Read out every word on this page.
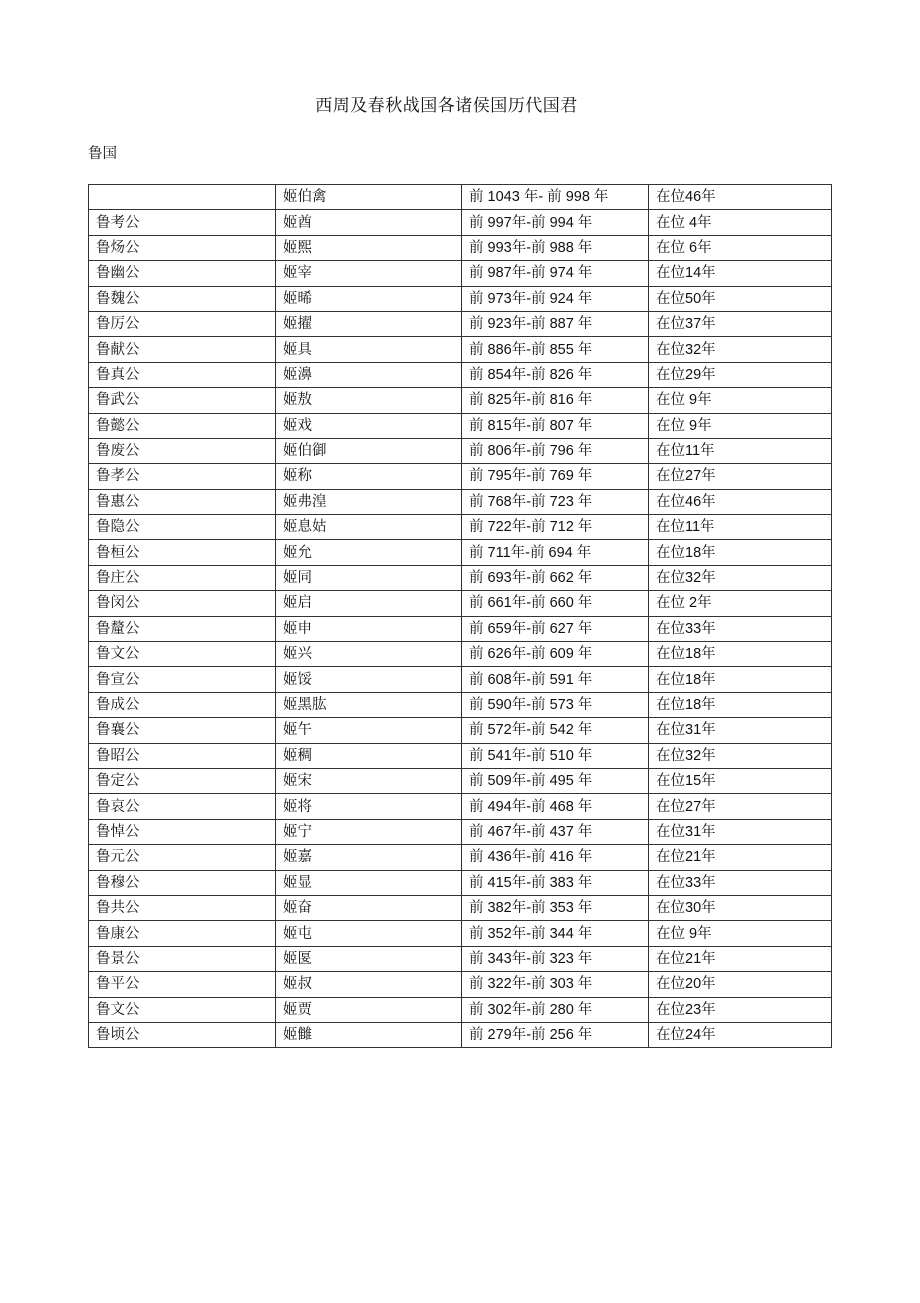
西周及春秋战国各诸侯国历代国君
鲁国
	姬伯禽	前 1043 年- 前 998 年	在位46年
鲁考公	姬酋	前 997年-前 994 年	在位 4年
鲁炀公	姬熙	前 993年-前 988 年	在位 6年
鲁幽公	姬宰	前 987年-前 974 年	在位14年
鲁魏公	姬晞	前 973年-前 924 年	在位50年
鲁厉公	姬擢	前 923年-前 887 年	在位37年
鲁献公	姬具	前 886年-前 855 年	在位32年
鲁真公	姬濞	前 854年-前 826 年	在位29年
鲁武公	姬敖	前 825年-前 816 年	在位 9年
鲁懿公	姬戏	前 815年-前 807 年	在位 9年
鲁废公	姬伯御	前 806年-前 796 年	在位11年
鲁孝公	姬称	前 795年-前 769 年	在位27年
鲁惠公	姬弗湟	前 768年-前 723 年	在位46年
鲁隐公	姬息姑	前 722年-前 712 年	在位11年
鲁桓公	姬允	前 711年-前 694 年	在位18年
鲁庄公	姬同	前 693年-前 662 年	在位32年
鲁闵公	姬启	前 661年-前 660 年	在位 2年
鲁釐公	姬申	前 659年-前 627 年	在位33年
鲁文公	姬兴	前 626年-前 609 年	在位18年
鲁宣公	姬馁	前 608年-前 591 年	在位18年
鲁成公	姬黑肱	前 590年-前 573 年	在位18年
鲁襄公	姬午	前 572年-前 542 年	在位31年
鲁昭公	姬稠	前 541年-前 510 年	在位32年
鲁定公	姬宋	前 509年-前 495 年	在位15年
鲁哀公	姬将	前 494年-前 468 年	在位27年
鲁悼公	姬宁	前 467年-前 437 年	在位31年
鲁元公	姬嘉	前 436年-前 416 年	在位21年
鲁穆公	姬显	前 415年-前 383 年	在位33年
鲁共公	姬奋	前 382年-前 353 年	在位30年
鲁康公	姬屯	前 352年-前 344 年	在位 9年
鲁景公	姬匽	前 343年-前 323 年	在位21年
鲁平公	姬叔	前 322年-前 303 年	在位20年
鲁文公	姬贾	前 302年-前 280 年	在位23年
鲁顷公	姬雠	前 279年-前 256 年	在位24年
